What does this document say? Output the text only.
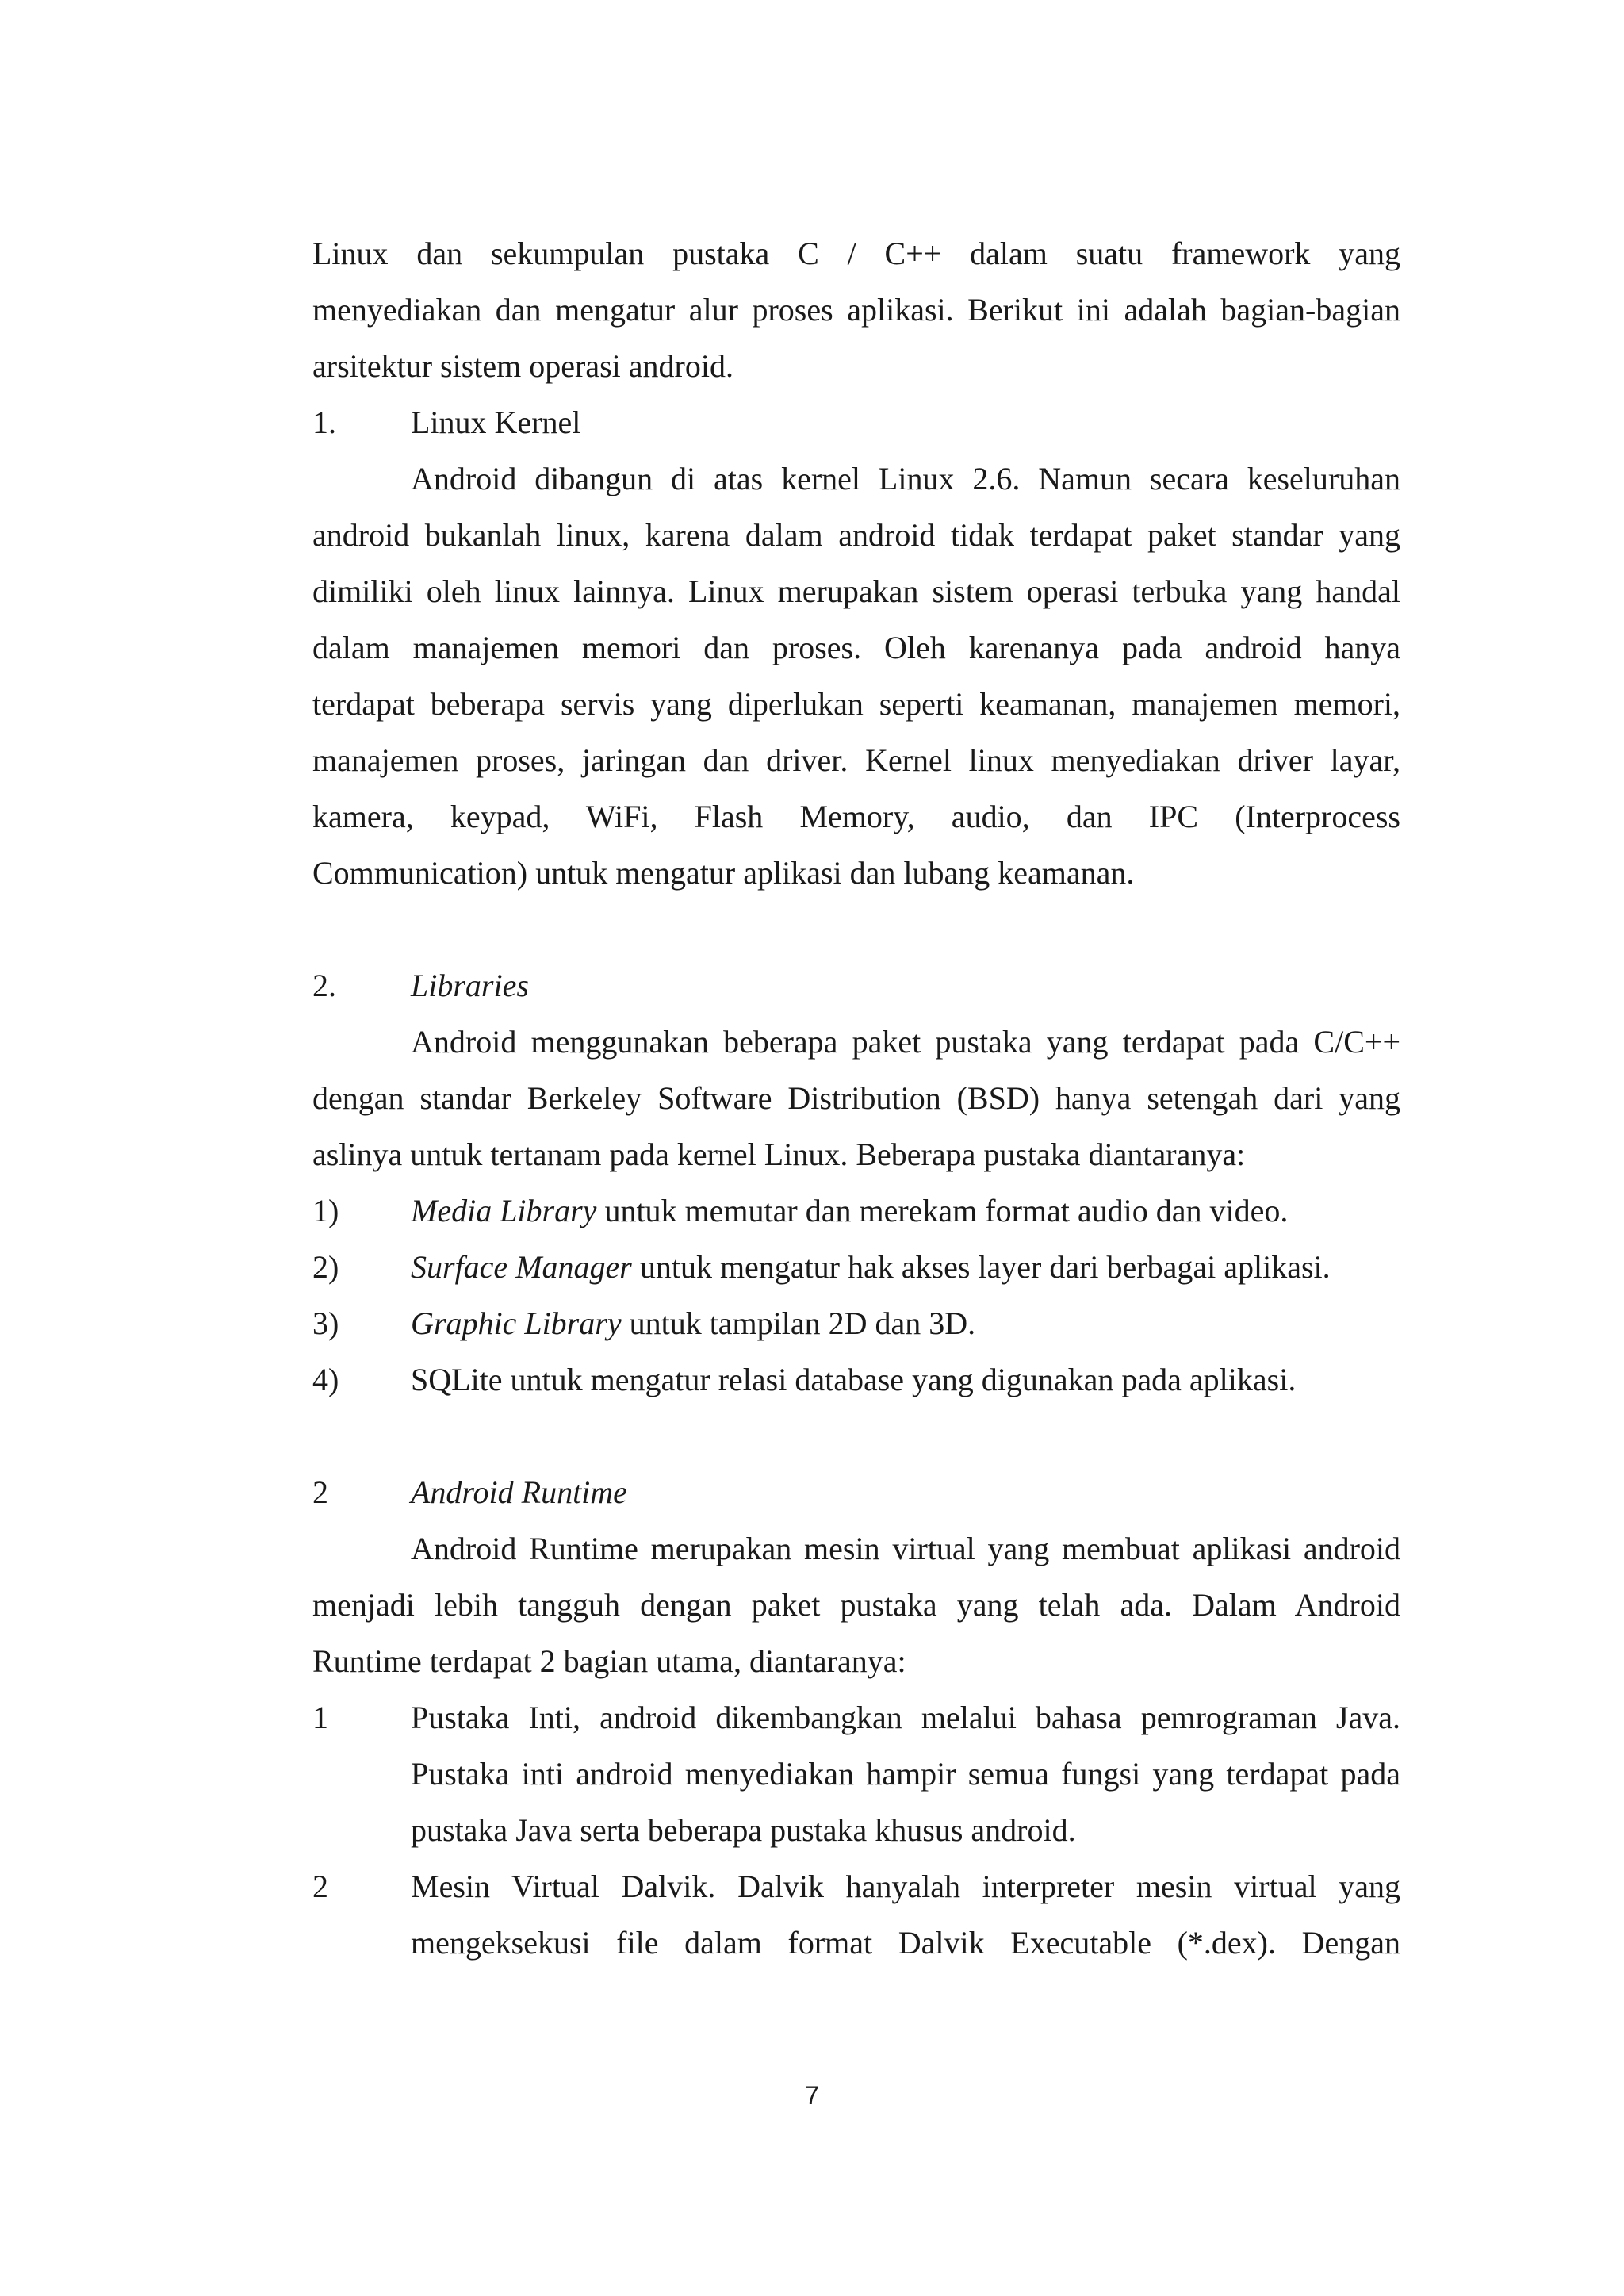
Linux dan sekumpulan pustaka C / C++ dalam suatu framework yang
menyediakan dan mengatur alur proses aplikasi. Berikut ini adalah bagian-bagian
arsitektur sistem operasi android.
1. Linux Kernel
Android dibangun di atas kernel Linux 2.6. Namun secara keseluruhan
android bukanlah linux, karena dalam android tidak terdapat paket standar yang
dimiliki oleh linux lainnya. Linux merupakan sistem operasi terbuka yang handal
dalam manajemen memori dan proses. Oleh karenanya pada android hanya
terdapat beberapa servis yang diperlukan seperti keamanan, manajemen memori,
manajemen proses, jaringan dan driver. Kernel linux menyediakan driver layar,
kamera, keypad, WiFi, Flash Memory, audio, dan IPC (Interprocess
Communication) untuk mengatur aplikasi dan lubang keamanan.
2. Libraries
Android menggunakan beberapa paket pustaka yang terdapat pada C/C++
dengan standar Berkeley Software Distribution (BSD) hanya setengah dari yang
aslinya untuk tertanam pada kernel Linux. Beberapa pustaka diantaranya:
1) Media Library untuk memutar dan merekam format audio dan video.
2) Surface Manager untuk mengatur hak akses layer dari berbagai aplikasi.
3) Graphic Library untuk tampilan 2D dan 3D.
4) SQLite untuk mengatur relasi database yang digunakan pada aplikasi.
2	Android Runtime
Android Runtime merupakan mesin virtual yang membuat aplikasi android
menjadi lebih tangguh dengan paket pustaka yang telah ada. Dalam Android
Runtime terdapat 2 bagian utama, diantaranya:
1	Pustaka Inti, android dikembangkan melalui bahasa pemrograman Java.
Pustaka inti android menyediakan hampir semua fungsi yang terdapat pada
pustaka Java serta beberapa pustaka khusus android.
2	Mesin Virtual Dalvik. Dalvik hanyalah interpreter mesin virtual yang
mengeksekusi file dalam format Dalvik Executable (*.dex). Dengan
7
